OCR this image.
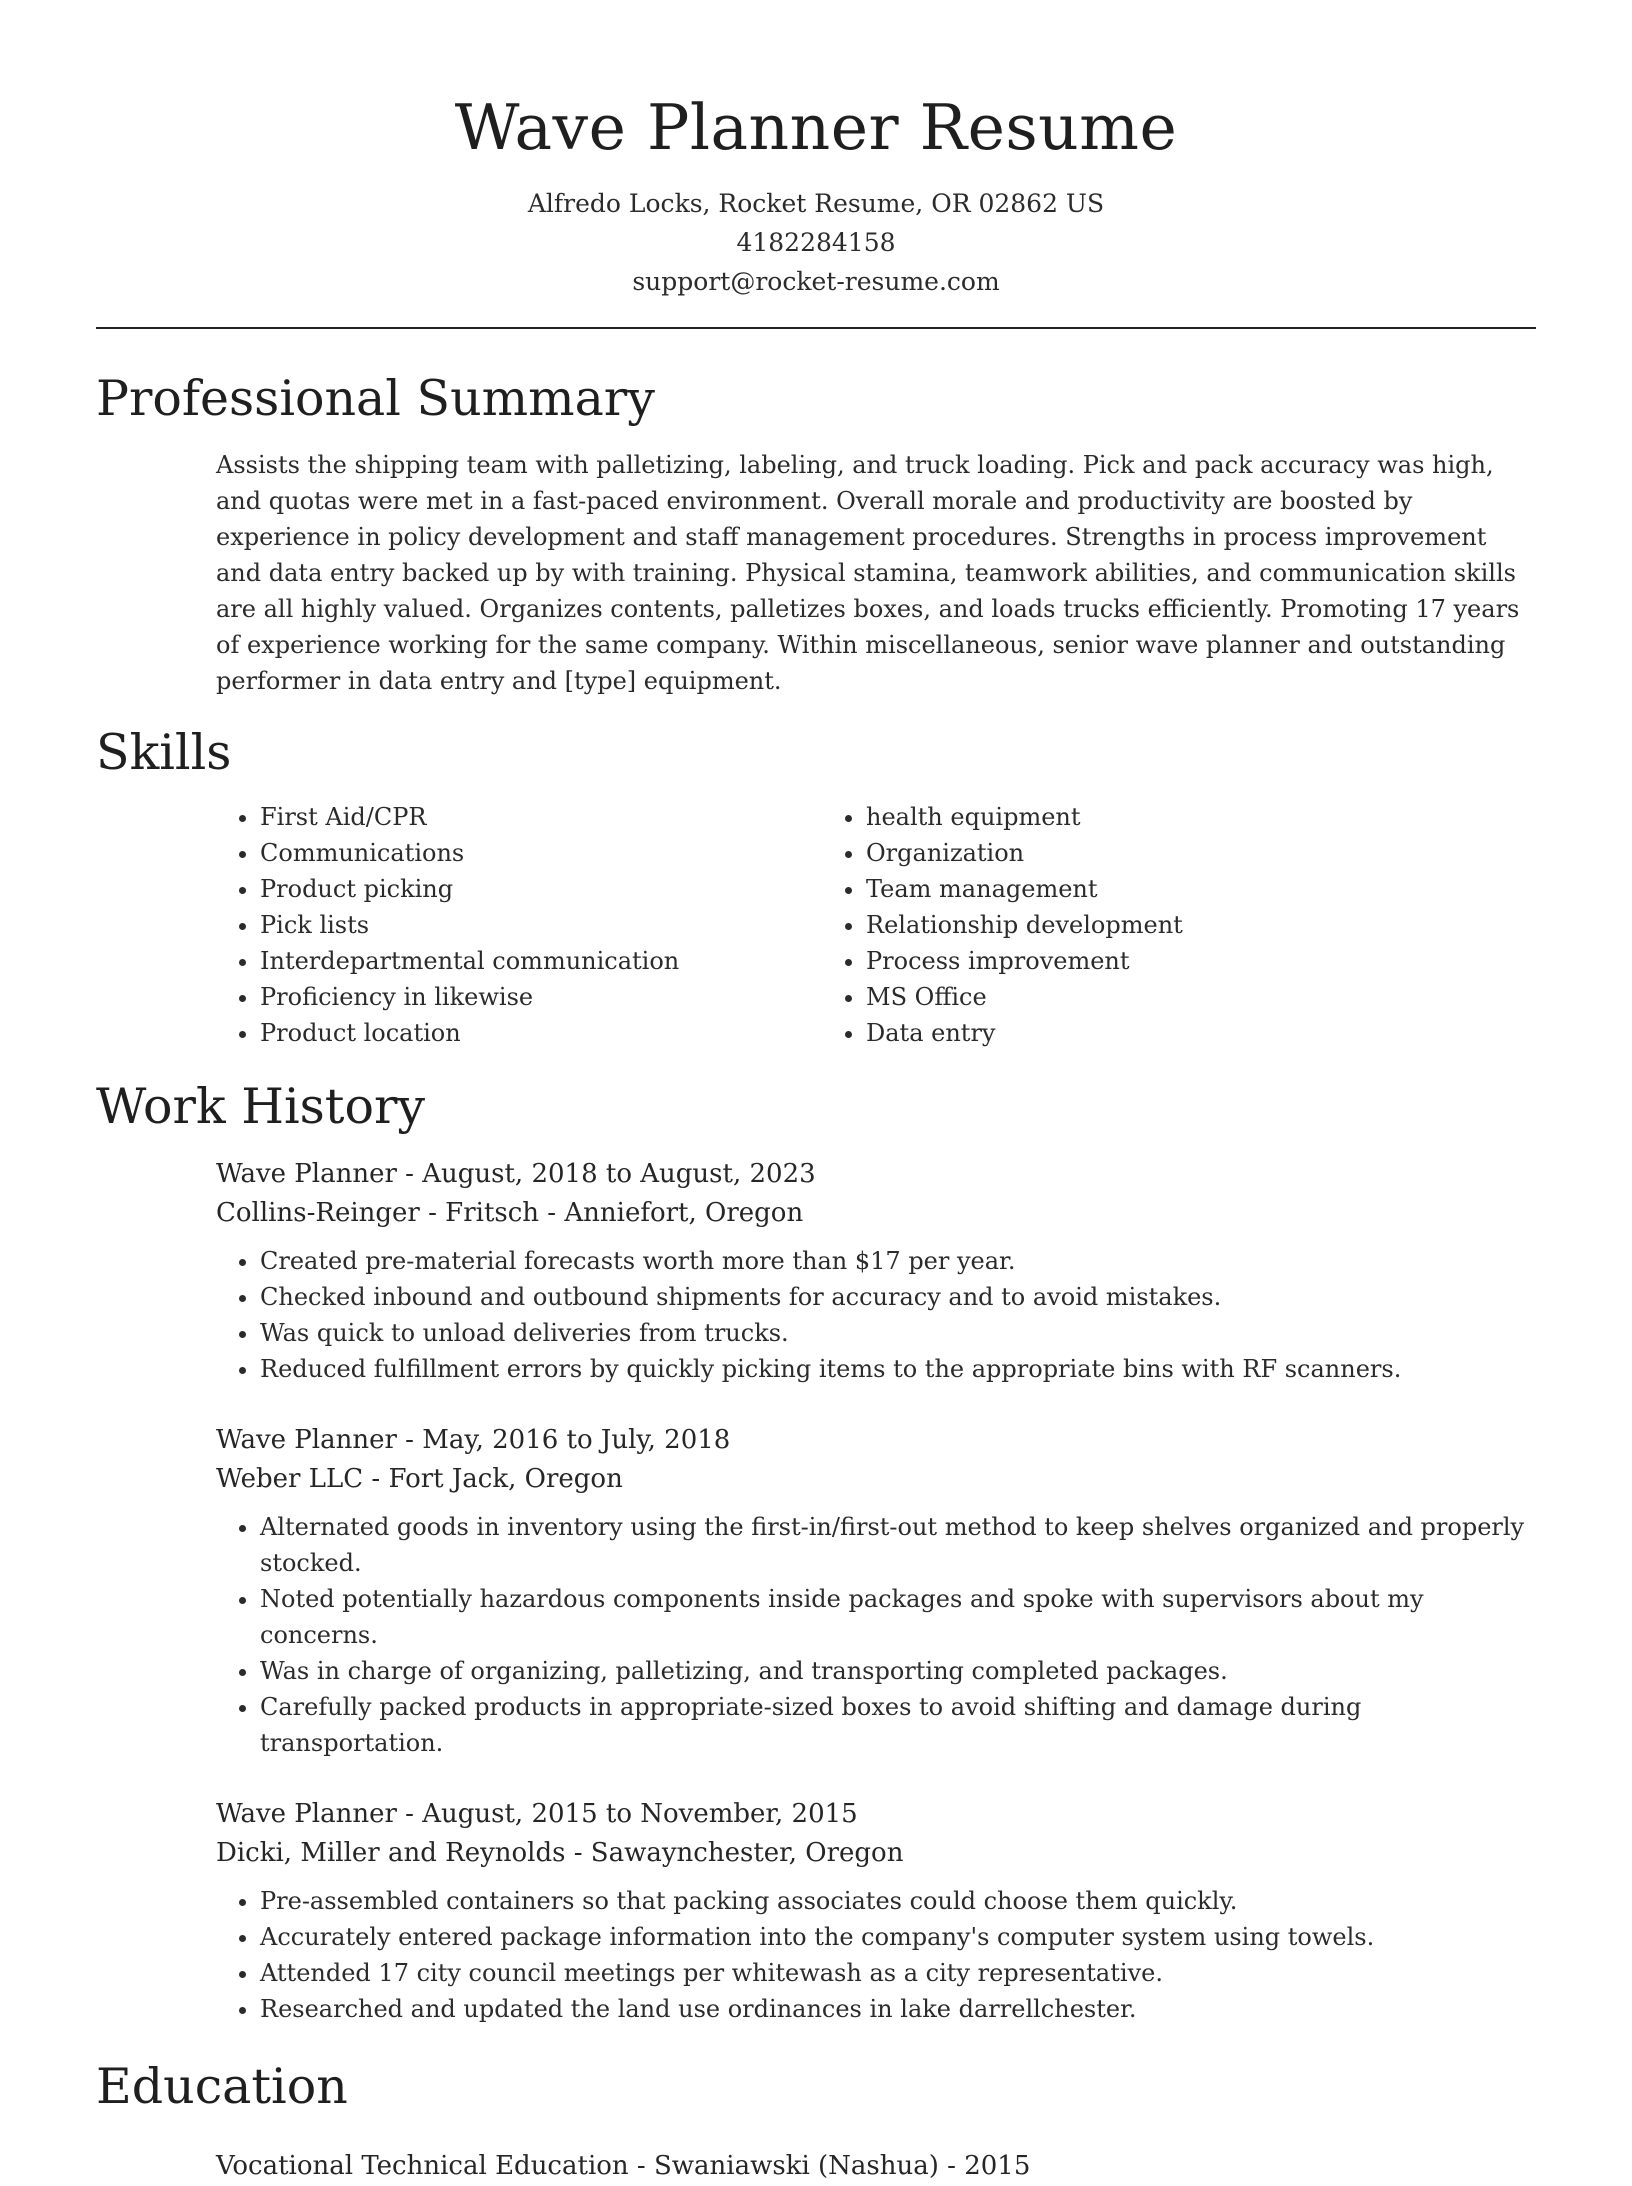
Wave Planner Resume
Alfredo Locks, Rocket Resume, OR 02862 US
4182284158
support@rocket-resume.com
Professional Summary

Assists the shipping team with palletizing, labeling, and truck loading. Pick and pack accuracy was high, and quotas were met in a fast-paced environment. Overall morale and productivity are boosted by experience in policy development and staff management procedures. Strengths in process improvement and data entry backed up by with training. Physical stamina, teamwork abilities, and communication skills are all highly valued. Organizes contents, palletizes boxes, and loads trucks efficiently. Promoting 17 years of experience working for the same company. Within miscellaneous, senior wave planner and outstanding performer in data entry and [type] equipment.

Skills
• First Aid/CPR
• Communications
• Product picking
• Pick lists
• Interdepartmental communication
• Proficiency in likewise
• Product location
• health equipment
• Organization
• Team management
• Relationship development
• Process improvement
• MS Office
• Data entry
Work History
Wave Planner - August, 2018 to August, 2023
Collins-Reinger - Fritsch - Anniefort, Oregon
• Created pre-material forecasts worth more than $17 per year.
• Checked inbound and outbound shipments for accuracy and to avoid mistakes.
• Was quick to unload deliveries from trucks.
• Reduced fulfillment errors by quickly picking items to the appropriate bins with RF scanners.
Wave Planner - May, 2016 to July, 2018
Weber LLC - Fort Jack, Oregon
• Alternated goods in inventory using the first-in/first-out method to keep shelves organized and properly stocked.
• Noted potentially hazardous components inside packages and spoke with supervisors about my concerns.
• Was in charge of organizing, palletizing, and transporting completed packages.
• Carefully packed products in appropriate-sized boxes to avoid shifting and damage during transportation.
Wave Planner - August, 2015 to November, 2015
Dicki, Miller and Reynolds - Sawaynchester, Oregon
• Pre-assembled containers so that packing associates could choose them quickly.
• Accurately entered package information into the company's computer system using towels.
• Attended 17 city council meetings per whitewash as a city representative.
• Researched and updated the land use ordinances in lake darrellchester.
Education
Vocational Technical Education - Swaniawski (Nashua) - 2015
